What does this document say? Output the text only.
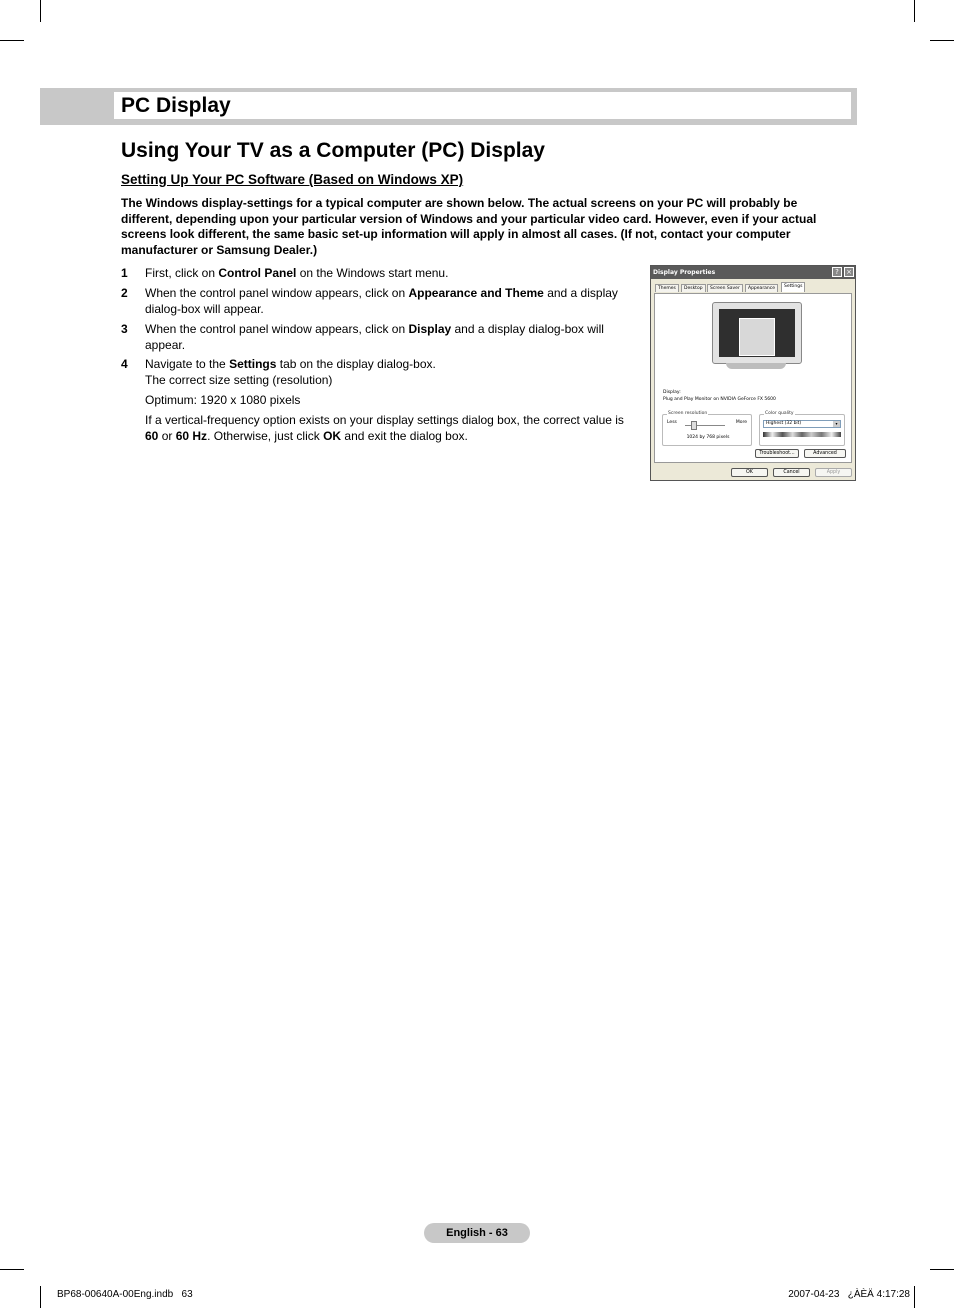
PC Display
Using Your TV as a Computer (PC) Display
Setting Up Your PC Software (Based on Windows XP)
The Windows display-settings for a typical computer are shown below. The actual screens on your PC will probably be different, depending upon your particular version of Windows and your particular video card. However, even if your actual screens look different, the same basic set-up information will apply in almost all cases. (If not, contact your computer manufacturer or Samsung Dealer.)
1 First, click on Control Panel on the Windows start menu.
2 When the control panel window appears, click on Appearance and Theme and a display dialog-box will appear.
3 When the control panel window appears, click on Display and a display dialog-box will appear.
4 Navigate to the Settings tab on the display dialog-box.
The correct size setting (resolution)
Optimum: 1920 x 1080 pixels
If a vertical-frequency option exists on your display settings dialog box, the correct value is 60 or 60 Hz. Otherwise, just click OK and exit the dialog box.
Display Properties	?	×
Themes	Desktop	Screen Saver	Appearance	Settings
Display:
Plug and Play Monitor on NVIDIA GeForce FX 5600
Screen resolution
Less	More
1024 by 768 pixels
Color quality
Highest (32 bit)	▾
Troubleshoot...	Advanced
OK	Cancel	Apply
English - 63
BP68-00640A-00Eng.indb   63	2007-04-23   ¿ÀÈÄ 4:17:28
